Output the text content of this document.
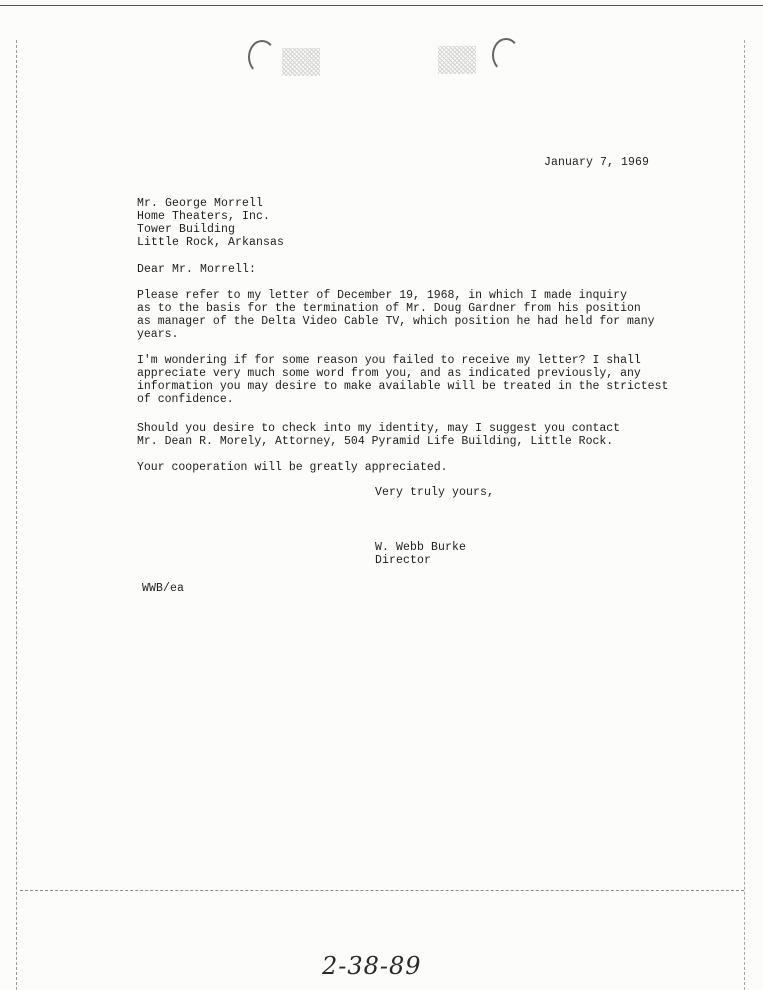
January 7, 1969
Mr. George Morrell
Home Theaters, Inc.
Tower Building
Little Rock, Arkansas
Dear Mr. Morrell:
Please refer to my letter of December 19, 1968, in which I made inquiry
as to the basis for the termination of Mr. Doug Gardner from his position
as manager of the Delta Video Cable TV, which position he had held for many
years.
I'm wondering if for some reason you failed to receive my letter? I shall
appreciate very much some word from you, and as indicated previously, any
information you may desire to make available will be treated in the strictest
of confidence.
Should you desire to check into my identity, may I suggest you contact
Mr. Dean R. Morely, Attorney, 504 Pyramid Life Building, Little Rock.
Your cooperation will be greatly appreciated.
Very truly yours,
W. Webb Burke
Director
WWB/ea
2-38-89
